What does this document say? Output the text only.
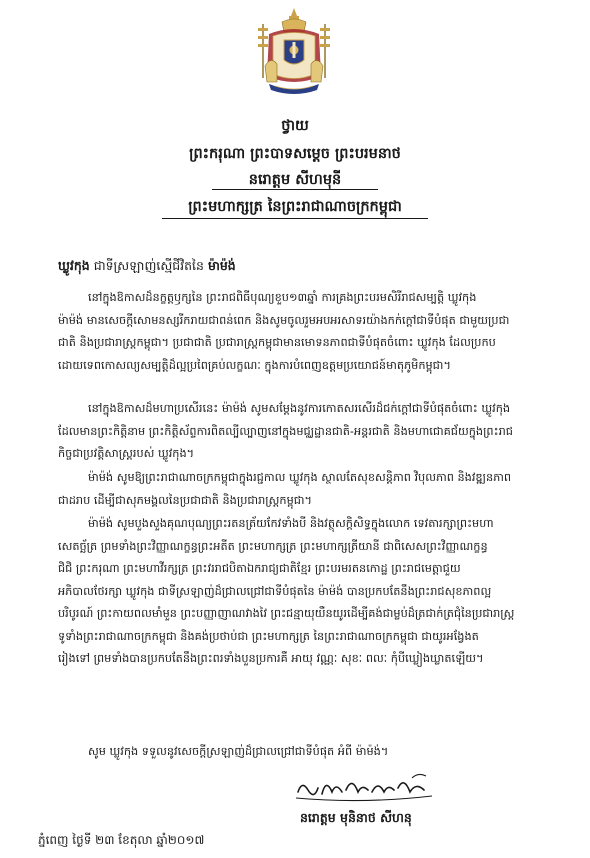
ថ្វាយ
ព្រះករុណា ព្រះបាទសម្ដេច ព្រះបរមនាថ
នរោត្តម សីហមុនី
ព្រះមហាក្សត្រ នៃព្រះរាជាណាចក្រកម្ពុជា
ឃ្លូវកុង ជាទីស្រឡាញ់ស្មើជីវិតនៃ ម៉ាម៉ង់
នៅក្នុងឱកាសដ៏នក្ខត្តឫក្សនៃ ព្រះរាជពិធីបុណ្យខួប១៣ឆ្នាំ ការគ្រងព្រះបរមសិរីរាជសម្បត្តិ ឃ្លូវកុង
ម៉ាម៉ង់ មានសេចក្ដីសោមនស្សរីករាយជាពន់ពេក និងសូមចូលរួមអបអរសាទរយ៉ាងកក់ក្ដៅជាទីបំផុត ជាមួយប្រជា
ជាតិ និងប្រជារាស្ត្រកម្ពុជា។ ប្រជាជាតិ ប្រជារាស្ត្រកម្ពុជាមានមោទនភាពជាទីបំផុតចំពោះ ឃ្លូវកុង ដែលប្រកប
ដោយទេពកោសល្យសម្បត្តិដ៏ល្អប្រពៃគ្រប់លក្ខណៈ ក្នុងការបំពេញឧត្តមប្រយោជន៍មាតុភូមិកម្ពុជា។
នៅក្នុងឱកាសដ៏មហាប្រសើរនេះ ម៉ាម៉ង់ សូមសម្ដែងនូវការកោតសរសើរដ៏ជក់ក្ដៅជាទីបំផុតចំពោះ ឃ្លូវកុង
ដែលមានព្រះកិត្តិនាម ព្រះកិត្តិស័ព្ទការពិតល្បីល្បាញនៅក្នុងមជ្ឈដ្ឋានជាតិ-អន្តរជាតិ និងមហាជោគជ័យក្នុងព្រះរាជ
កិច្ចជាប្រវត្តិសាស្ត្ររបស់ ឃ្លូវកុង។
ម៉ាម៉ង់ សូមឱ្យព្រះរាជាណាចក្រកម្ពុជាក្នុងរជ្ជកាល ឃ្លូវកុង ស្ថាលតែសុខសន្តិភាព វិបុលភាព និងវឌ្ឍនភាព
ជាដរាប ដើម្បីជាសុភមង្គលនៃប្រជាជាតិ និងប្រជារាស្ត្រកម្ពុជា។
ម៉ាម៉ង់ សូមបួងសួងគុណបុណ្យព្រះរតនត្រ័យកែវទាំងបី និងវត្ថុសក្ដិសិទ្ធក្នុងលោក ទេវតារក្សាព្រះមហា
សេតច្ឆ័ត្រ ព្រមទាំងព្រះវិញ្ញាណក្ខន្ធព្រះអតីត ព្រះមហាក្សត្រ ព្រះមហាក្សត្រីយានី ជាពិសេសព្រះវិញ្ញាណក្ខន្ធ
ជិជិ ព្រះករុណា ព្រះមហាវីរក្សត្រ ព្រះវររាជបិតាឯករាជ្យជាតិខ្មែរ ព្រះបរមរតនកោដ្ឋ ព្រះរាជមេត្តាជួយ
អភិបាលថែរក្សា ឃ្លូវកុង ជាទីស្រឡាញ់ដ៏ជ្រាលជ្រៅជាទីបំផុតនៃ ម៉ាម៉ង់ បានប្រកបតែនឹងព្រះរាជសុខភាពល្អ
បរិបូរណ៍ ព្រះកាយពលមាំមួន ព្រះបញ្ញាញាណវាងវៃ ព្រះជន្មាយុយឺនយូរដើម្បីគង់ជាម្លប់ដ៏ត្រជាក់ត្រជុំនៃប្រជារាស្ត្រ
ទូទាំងព្រះរាជាណាចក្រកម្ពុជា និងគង់ប្រថាប់ជា ព្រះមហាក្សត្រ នៃព្រះរាជាណាចក្រកម្ពុជា ជាយូរអង្វែងត
រៀងទៅ ព្រមទាំងបានប្រកបតែនឹងព្រះពរទាំងបួនប្រការគឺ អាយុ វណ្ណៈ សុខៈ ពលៈ កុំបីឃ្លៀងឃ្លាតឡើយ។
សូម ឃ្លូវកុង ទទួលនូវសេចក្ដីស្រឡាញ់ដ៏ជ្រាលជ្រៅជាទីបំផុត អំពី ម៉ាម៉ង់។
នរោត្តម មុនិនាថ សីហនុ
ភ្នំពេញ ថ្ងៃទី ២៣ ខែតុលា ឆ្នាំ២០១៧
